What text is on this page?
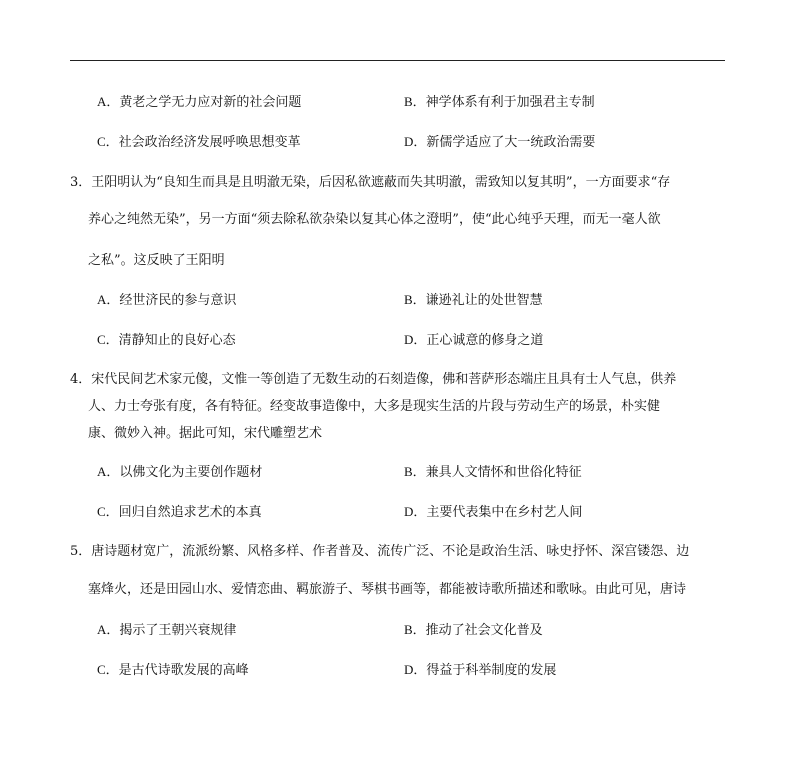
A．黄老之学无力应对新的社会问题	B．神学体系有利于加强君主专制
C．社会政治经济发展呼唤思想变革	D．新儒学适应了大一统政治需要
3．王阳明认为“良知生而具是且明澈无染，后因私欲遮蔽而失其明澈，需致知以复其明”，一方面要求“存
养心之纯然无染”，另一方面“须去除私欲杂染以复其心体之澄明”，使“此心纯乎天理，而无一毫人欲
之私”。这反映了王阳明
A．经世济民的参与意识	B．谦逊礼让的处世智慧
C．清静知止的良好心态	D．正心诚意的修身之道
4．宋代民间艺术家元傻，文惟一等创造了无数生动的石刻造像，佛和菩萨形态端庄且具有士人气息，供养
人、力士夸张有度，各有特征。经变故事造像中，大多是现实生活的片段与劳动生产的场景，朴实健
康、微妙入神。据此可知，宋代雕塑艺术
A．以佛文化为主要创作题材	B．兼具人文情怀和世俗化特征
C．回归自然追求艺术的本真	D．主要代表集中在乡村艺人间
5．唐诗题材宽广，流派纷繁、风格多样、作者普及、流传广泛、不论是政治生活、咏史抒怀、深宫镂怨、边
塞烽火，还是田园山水、爱情恋曲、羁旅游子、琴棋书画等，都能被诗歌所描述和歌咏。由此可见，唐诗
A．揭示了王朝兴衰规律	B．推动了社会文化普及
C．是古代诗歌发展的高峰	D．得益于科举制度的发展
